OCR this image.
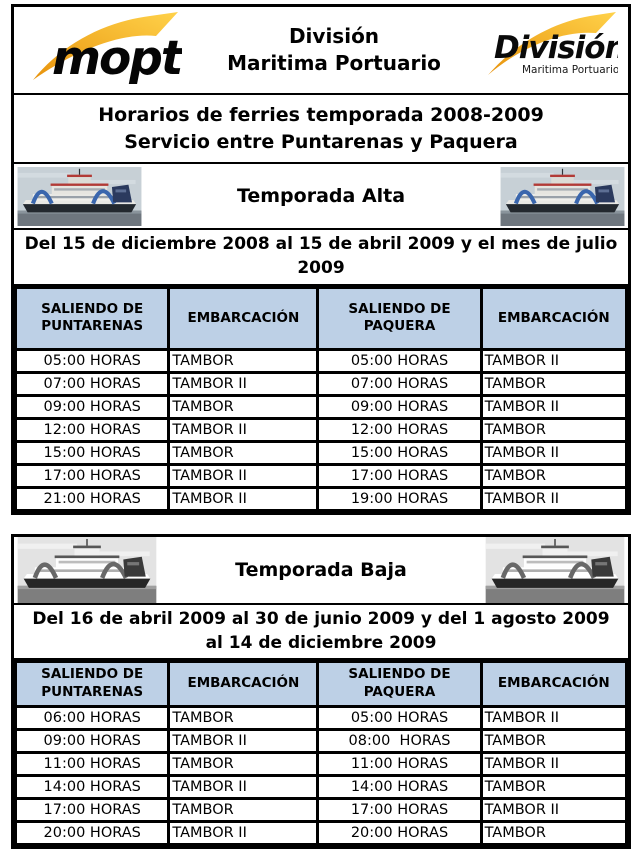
mopt	División
Maritima Portuario	División
Maritima Portuario
Horarios de ferries temporada 2008-2009
Servicio entre Puntarenas y Paquera
Temporada Alta
Del 15 de diciembre 2008 al 15 de abril 2009 y el mes de julio 2009
SALIENDO DE PUNTARENAS	EMBARCACIÓN	SALIENDO DE PAQUERA	EMBARCACIÓN
05:00 HORAS	TAMBOR	05:00 HORAS	TAMBOR II
07:00 HORAS	TAMBOR II	07:00 HORAS	TAMBOR
09:00 HORAS	TAMBOR	09:00 HORAS	TAMBOR II
12:00 HORAS	TAMBOR II	12:00 HORAS	TAMBOR
15:00 HORAS	TAMBOR	15:00 HORAS	TAMBOR II
17:00 HORAS	TAMBOR II	17:00 HORAS	TAMBOR
21:00 HORAS	TAMBOR II	19:00 HORAS	TAMBOR II
Temporada Baja
Del 16 de abril 2009 al 30 de junio 2009 y del 1 agosto 2009 al 14 de diciembre 2009
SALIENDO DE PUNTARENAS	EMBARCACIÓN	SALIENDO DE PAQUERA	EMBARCACIÓN
06:00 HORAS	TAMBOR	05:00 HORAS	TAMBOR II
09:00 HORAS	TAMBOR II	08:00  HORAS	TAMBOR
11:00 HORAS	TAMBOR	11:00 HORAS	TAMBOR II
14:00 HORAS	TAMBOR II	14:00 HORAS	TAMBOR
17:00 HORAS	TAMBOR	17:00 HORAS	TAMBOR II
20:00 HORAS	TAMBOR II	20:00 HORAS	TAMBOR
